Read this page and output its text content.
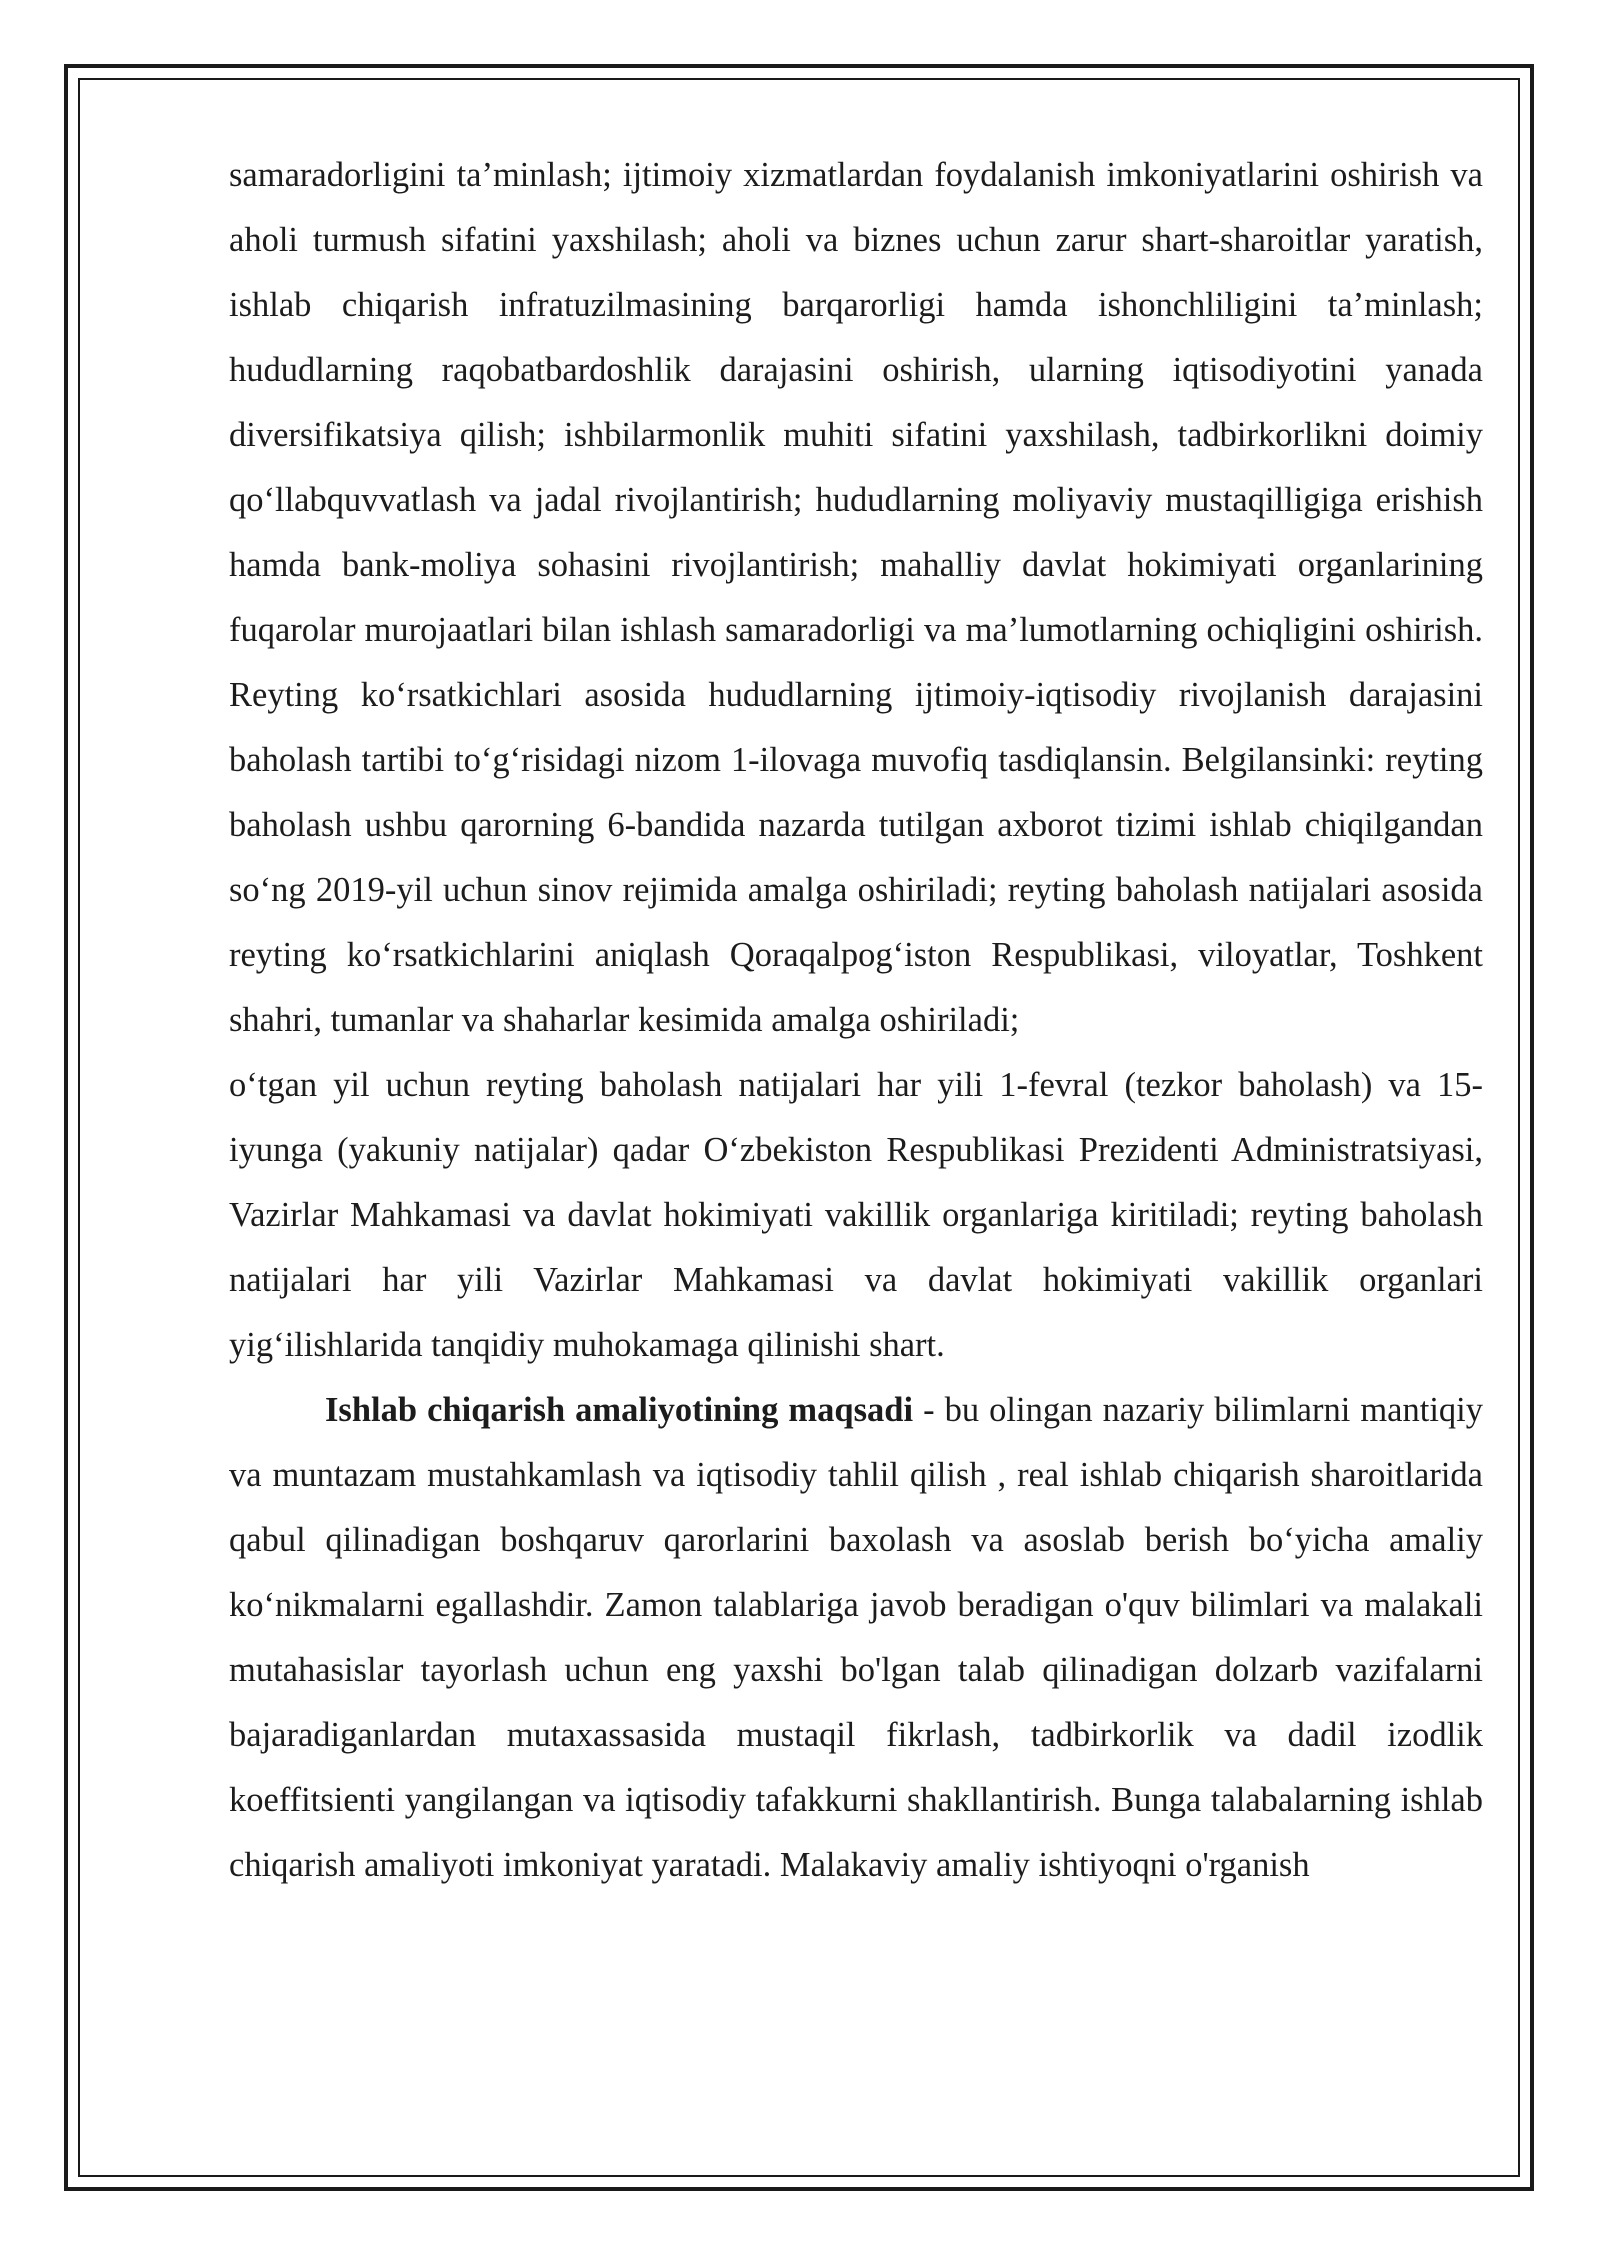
samaradorligini ta’minlash; ijtimoiy xizmatlardan foydalanish imkoniyatlarini oshirish va aholi turmush sifatini yaxshilash; aholi va biznes uchun zarur shart-sharoitlar yaratish, ishlab chiqarish infratuzilmasining barqarorligi hamda ishonchliligini ta’minlash; hududlarning raqobatbardoshlik darajasini oshirish, ularning iqtisodiyotini yanada diversifikatsiya qilish; ishbilarmonlik muhiti sifatini yaxshilash, tadbirkorlikni doimiy qo‘llabquvvatlash va jadal rivojlantirish; hududlarning moliyaviy mustaqilligiga erishish hamda bank-moliya sohasini rivojlantirish; mahalliy davlat hokimiyati organlarining fuqarolar murojaatlari bilan ishlash samaradorligi va ma’lumotlarning ochiqligini oshirish. Reyting ko‘rsatkichlari asosida hududlarning ijtimoiy-iqtisodiy rivojlanish darajasini baholash tartibi to‘g‘risidagi nizom 1-ilovaga muvofiq tasdiqlansin. Belgilansinki: reyting baholash ushbu qarorning 6-bandida nazarda tutilgan axborot tizimi ishlab chiqilgandan so‘ng 2019-yil uchun sinov rejimida amalga oshiriladi; reyting baholash natijalari asosida reyting ko‘rsatkichlarini aniqlash Qoraqalpog‘iston Respublikasi, viloyatlar, Toshkent shahri, tumanlar va shaharlar kesimida amalga oshiriladi;

o‘tgan yil uchun reyting baholash natijalari har yili 1-fevral (tezkor baholash) va 15- iyunga (yakuniy natijalar) qadar O‘zbekiston Respublikasi Prezidenti Administratsiyasi, Vazirlar Mahkamasi va davlat hokimiyati vakillik organlariga kiritiladi; reyting baholash natijalari har yili Vazirlar Mahkamasi va davlat hokimiyati vakillik organlari yig‘ilishlarida tanqidiy muhokamaga qilinishi shart.

Ishlab chiqarish amaliyotining maqsadi - bu olingan nazariy bilimlarni mantiqiy va muntazam mustahkamlash va iqtisodiy tahlil qilish , real ishlab chiqarish sharoitlarida qabul qilinadigan boshqaruv qarorlarini baxolash va asoslab berish bo‘yicha amaliy ko‘nikmalarni egallashdir. Zamon talablariga javob beradigan o'quv bilimlari va malakali mutahasislar tayorlash uchun eng yaxshi bo'lgan talab qilinadigan dolzarb vazifalarni bajaradiganlardan mutaxassasida mustaqil fikrlash, tadbirkorlik va dadil izodlik koeffitsienti yangilangan va iqtisodiy tafakkurni shakllantirish. Bunga talabalarning ishlab chiqarish amaliyoti imkoniyat yaratadi. Malakaviy amaliy ishtiyoqni o'rganish
